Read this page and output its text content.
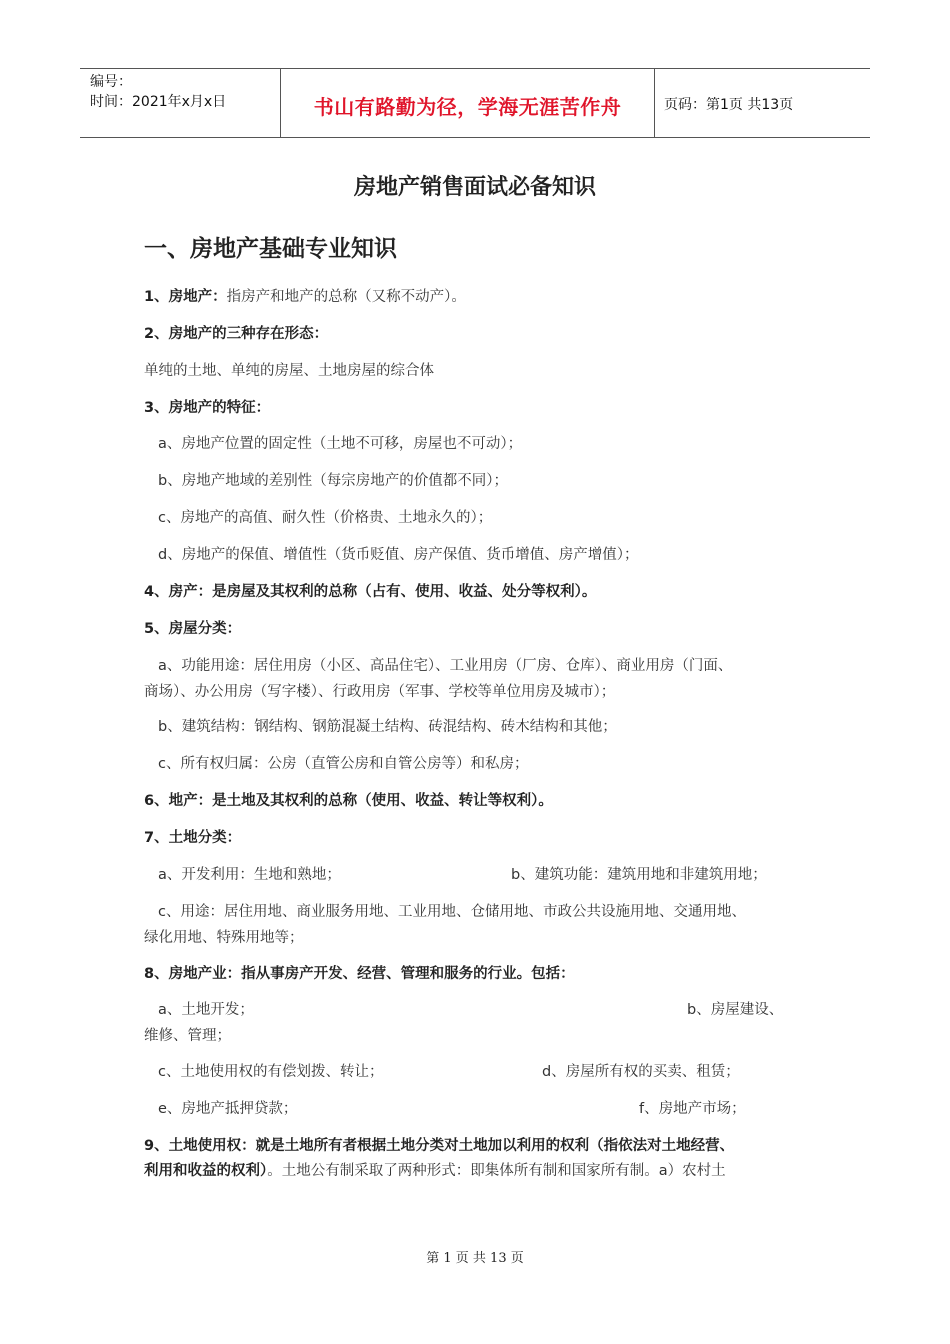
编号：
时间：2021年x月x日	书山有路勤为径，学海无涯苦作舟	页码：第1页 共13页
房地产销售面试必备知识
一、房地产基础专业知识
1、房地产：指房产和地产的总称（又称不动产）。
2、房地产的三种存在形态：
单纯的土地、单纯的房屋、土地房屋的综合体
3、房地产的特征：
a、房地产位置的固定性（土地不可移，房屋也不可动）；
b、房地产地域的差别性（每宗房地产的价值都不同）；
c、房地产的高值、耐久性（价格贵、土地永久的）；
d、房地产的保值、增值性（货币贬值、房产保值、货币增值、房产增值）；
4、房产：是房屋及其权利的总称（占有、使用、收益、处分等权利）。
5、房屋分类：
a、功能用途：居住用房（小区、高品住宅）、工业用房（厂房、仓库）、商业用房（门面、
商场）、办公用房（写字楼）、行政用房（军事、学校等单位用房及城市）；
b、建筑结构：钢结构、钢筋混凝土结构、砖混结构、砖木结构和其他；
c、所有权归属：公房（直管公房和自管公房等）和私房；
6、地产：是土地及其权利的总称（使用、收益、转让等权利）。
7、土地分类：
a、开发利用：生地和熟地；	b、建筑功能：建筑用地和非建筑用地；
c、用途：居住用地、商业服务用地、工业用地、仓储用地、市政公共设施用地、交通用地、
绿化用地、特殊用地等；
8、房地产业：指从事房产开发、经营、管理和服务的行业。包括：
a、土地开发；	b、房屋建设、
维修、管理；
c、土地使用权的有偿划拨、转让；	d、房屋所有权的买卖、租赁；
e、房地产抵押贷款；	f、房地产市场；
9、土地使用权：就是土地所有者根据土地分类对土地加以利用的权利（指依法对土地经营、
利用和收益的权利）。土地公有制采取了两种形式：即集体所有制和国家所有制。a）农村土
第 1 页 共 13 页
